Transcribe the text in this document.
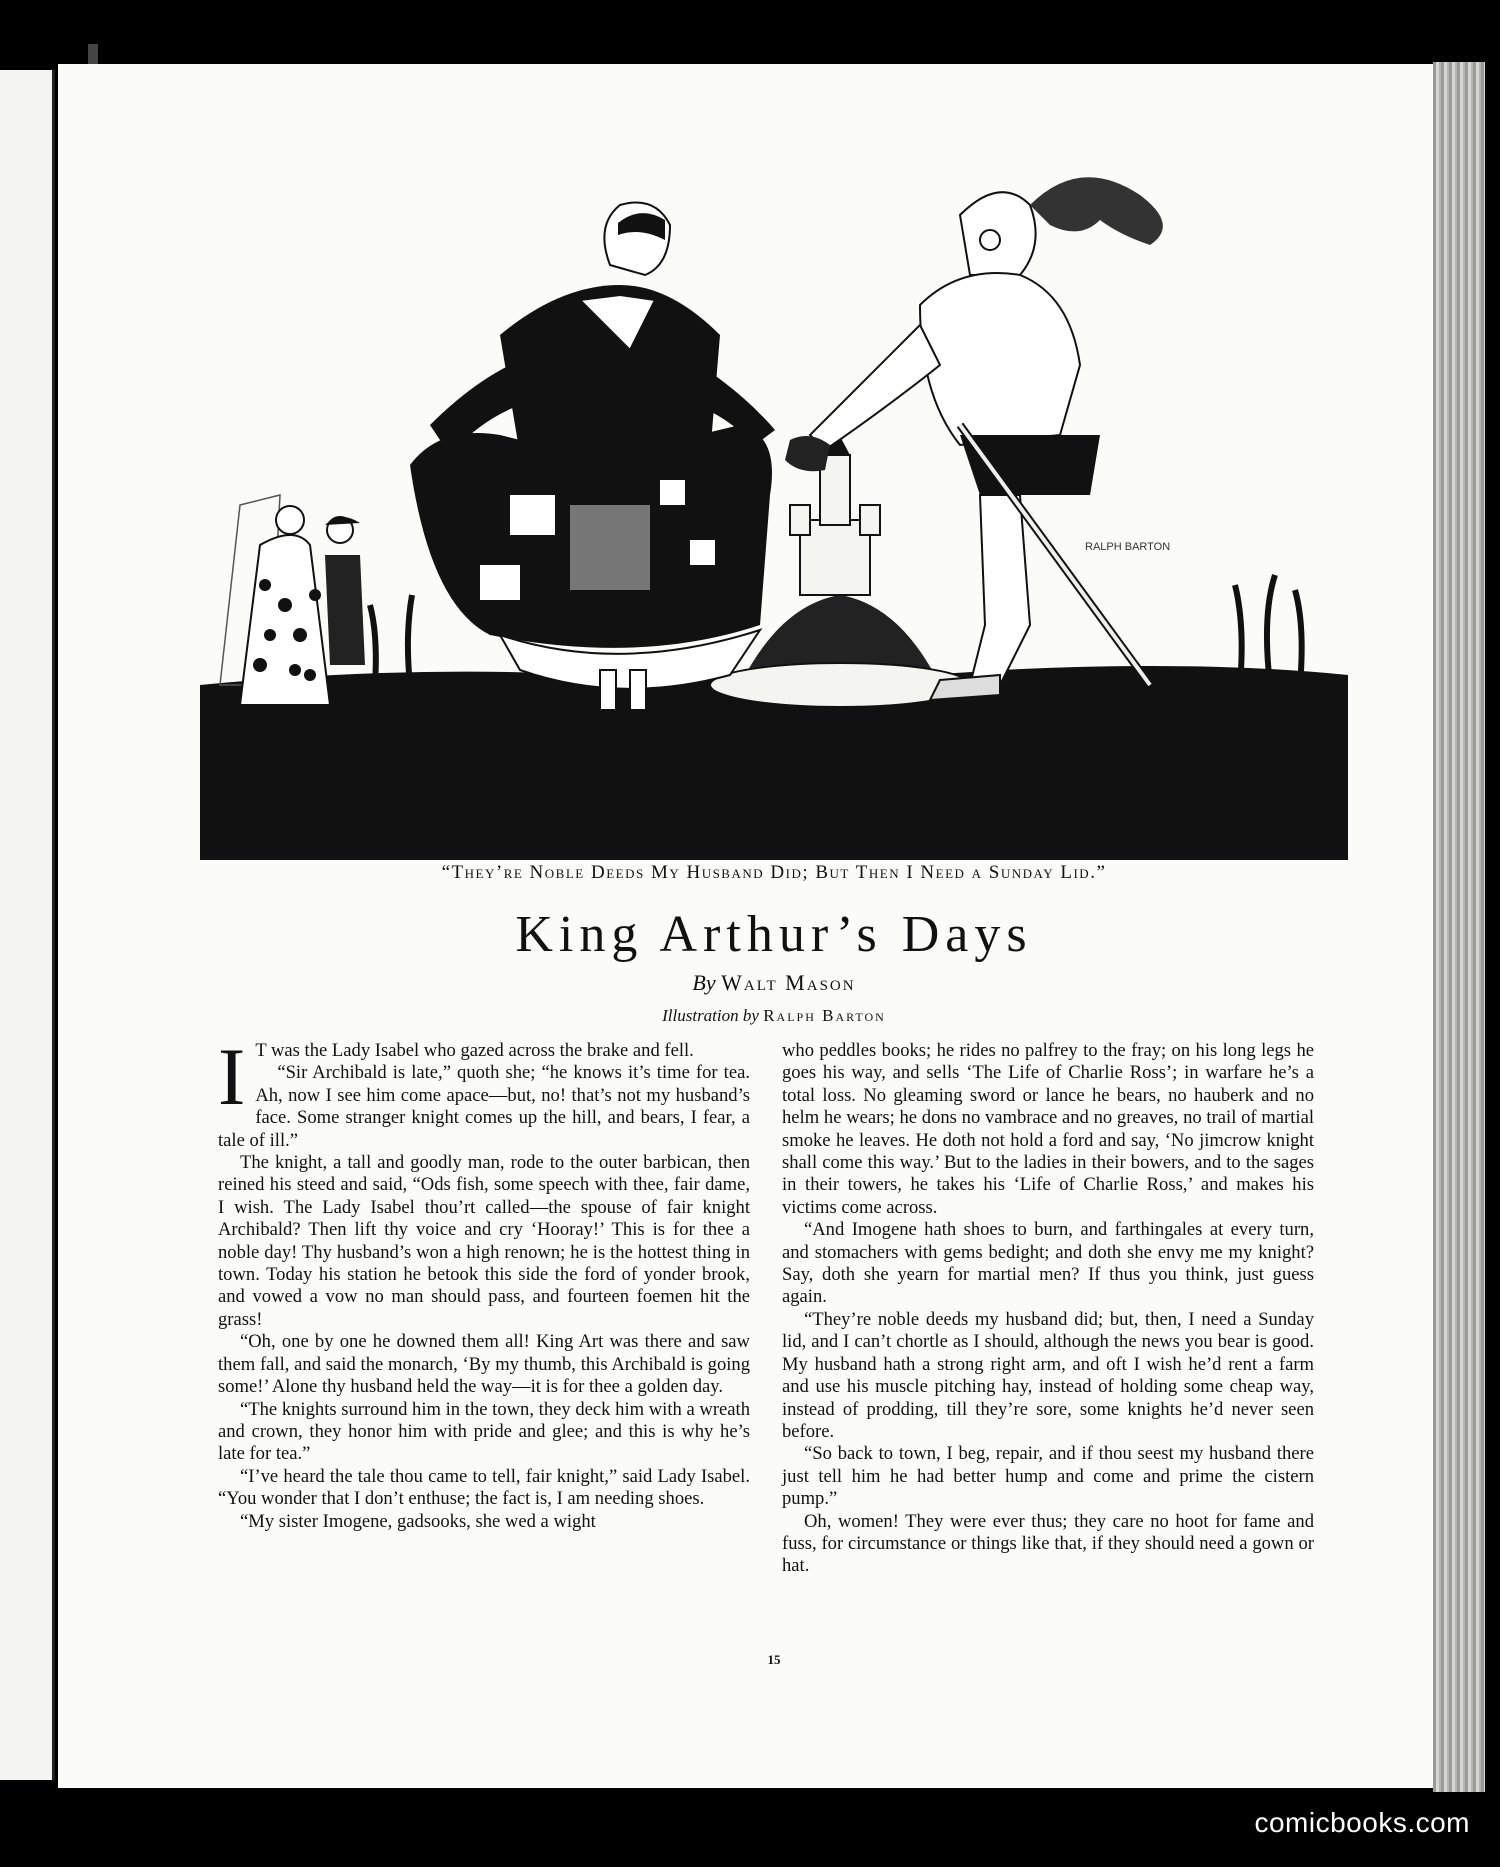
RALPH BARTON
“They’re Noble Deeds My Husband Did; But Then I Need a Sunday Lid.”
King Arthur’s Days
By Walt Mason
Illustration by Ralph Barton
I T was the Lady Isabel who gazed across the brake and fell.

“Sir Archibald is late,” quoth she; “he knows it’s time for tea. Ah, now I see him come apace—but, no! that’s not my husband’s face. Some stranger knight comes up the hill, and bears, I fear, a tale of ill.”

The knight, a tall and goodly man, rode to the outer barbican, then reined his steed and said, “Ods fish, some speech with thee, fair dame, I wish. The Lady Isabel thou’rt called—the spouse of fair knight Archibald? Then lift thy voice and cry ‘Hooray!’ This is for thee a noble day! Thy husband’s won a high renown; he is the hottest thing in town. Today his station he betook this side the ford of yonder brook, and vowed a vow no man should pass, and fourteen foemen hit the grass!

“Oh, one by one he downed them all! King Art was there and saw them fall, and said the monarch, ‘By my thumb, this Archibald is going some!’ Alone thy husband held the way—it is for thee a golden day.

“The knights surround him in the town, they deck him with a wreath and crown, they honor him with pride and glee; and this is why he’s late for tea.”

“I’ve heard the tale thou came to tell, fair knight,” said Lady Isabel. “You wonder that I don’t enthuse; the fact is, I am needing shoes.

“My sister Imogene, gadsooks, she wed a wight

who peddles books; he rides no palfrey to the fray; on his long legs he goes his way, and sells ‘The Life of Charlie Ross’; in warfare he’s a total loss. No gleaming sword or lance he bears, no hauberk and no helm he wears; he dons no vambrace and no greaves, no trail of martial smoke he leaves. He doth not hold a ford and say, ‘No jimcrow knight shall come this way.’ But to the ladies in their bowers, and to the sages in their towers, he takes his ‘Life of Charlie Ross,’ and makes his victims come across.

“And Imogene hath shoes to burn, and farthingales at every turn, and stomachers with gems bedight; and doth she envy me my knight? Say, doth she yearn for martial men? If thus you think, just guess again.

“They’re noble deeds my husband did; but, then, I need a Sunday lid, and I can’t chortle as I should, although the news you bear is good. My husband hath a strong right arm, and oft I wish he’d rent a farm and use his muscle pitching hay, instead of holding some cheap way, instead of prodding, till they’re sore, some knights he’d never seen before.

“So back to town, I beg, repair, and if thou seest my husband there just tell him he had better hump and come and prime the cistern pump.”

Oh, women! They were ever thus; they care no hoot for fame and fuss, for circumstance or things like that, if they should need a gown or hat.

15
comicbooks.com
